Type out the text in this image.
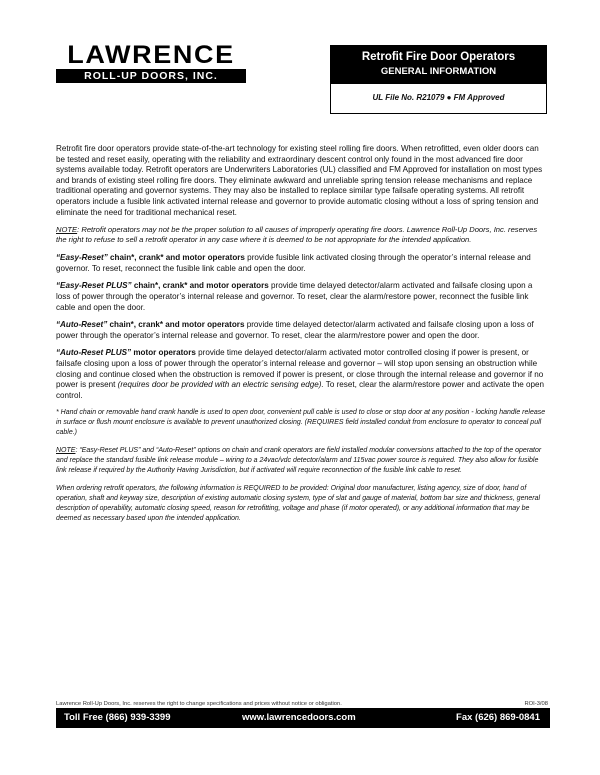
LAWRENCE
ROLL-UP DOORS, INC.
Retrofit Fire Door Operators
GENERAL INFORMATION
UL File No. R21079 ● FM Approved

Retrofit fire door operators provide state-of-the-art technology for existing steel rolling fire doors. When retrofitted, even older doors can be tested and reset easily, operating with the reliability and extraordinary descent control only found in the most advanced fire door systems available today. Retrofit operators are Underwriters Laboratories (UL) classified and FM Approved for installation on most types and brands of existing steel rolling fire doors. They eliminate awkward and unreliable spring tension release mechanisms and replace traditional operating and governor systems. They may also be installed to replace similar type failsafe operating systems. All retrofit operators include a fusible link activated internal release and governor to provide automatic closing without a loss of spring tension and eliminate the need for traditional mechanical reset.

NOTE: Retrofit operators may not be the proper solution to all causes of improperly operating fire doors. Lawrence Roll-Up Doors, Inc. reserves the right to refuse to sell a retrofit operator in any case where it is deemed to be not appropriate for the intended application.

“Easy-Reset” chain*, crank* and motor operators provide fusible link activated closing through the operator’s internal release and governor. To reset, reconnect the fusible link cable and open the door.

“Easy-Reset PLUS” chain*, crank* and motor operators provide time delayed detector/alarm activated and failsafe closing upon a loss of power through the operator’s internal release and governor. To reset, clear the alarm/restore power, reconnect the fusible link cable and open the door.

“Auto-Reset” chain*, crank* and motor operators provide time delayed detector/alarm activated and failsafe closing upon a loss of power through the operator’s internal release and governor. To reset, clear the alarm/restore power and open the door.

“Auto-Reset PLUS” motor operators provide time delayed detector/alarm activated motor controlled closing if power is present, or failsafe closing upon a loss of power through the operator’s internal release and governor – will stop upon sensing an obstruction while closing and continue closed when the obstruction is removed if power is present, or close through the internal release and governor if no power is present (requires door be provided with an electric sensing edge). To reset, clear the alarm/restore power and activate the open control.

* Hand chain or removable hand crank handle is used to open door, convenient pull cable is used to close or stop door at any position - locking handle release in surface or flush mount enclosure is available to prevent unauthorized closing. (REQUIRES field installed conduit from enclosure to operator to conceal pull cable.)

NOTE: “Easy-Reset PLUS” and “Auto-Reset” options on chain and crank operators are field installed modular conversions attached to the top of the operator and replace the standard fusible link release module – wiring to a 24vac/vdc detector/alarm and 115vac power source is required. They also allow for fusible link release if required by the Authority Having Jurisdiction, but if activated will require reconnection of the fusible link cable to reset.

When ordering retrofit operators, the following information is REQUIRED to be provided: Original door manufacturer, listing agency, size of door, hand of operation, shaft and keyway size, description of existing automatic closing system, type of slat and gauge of material, bottom bar size and thickness, general description of operability, automatic closing speed, reason for retrofitting, voltage and phase (if motor operated), or any additional information that may be deemed as necessary based upon the intended application.

Lawrence Roll-Up Doors, Inc. reserves the right to change specifications and prices without notice or obligation.	ROI-3/08
Toll Free (866) 939-3399	www.lawrencedoors.com	Fax (626) 869-0841
